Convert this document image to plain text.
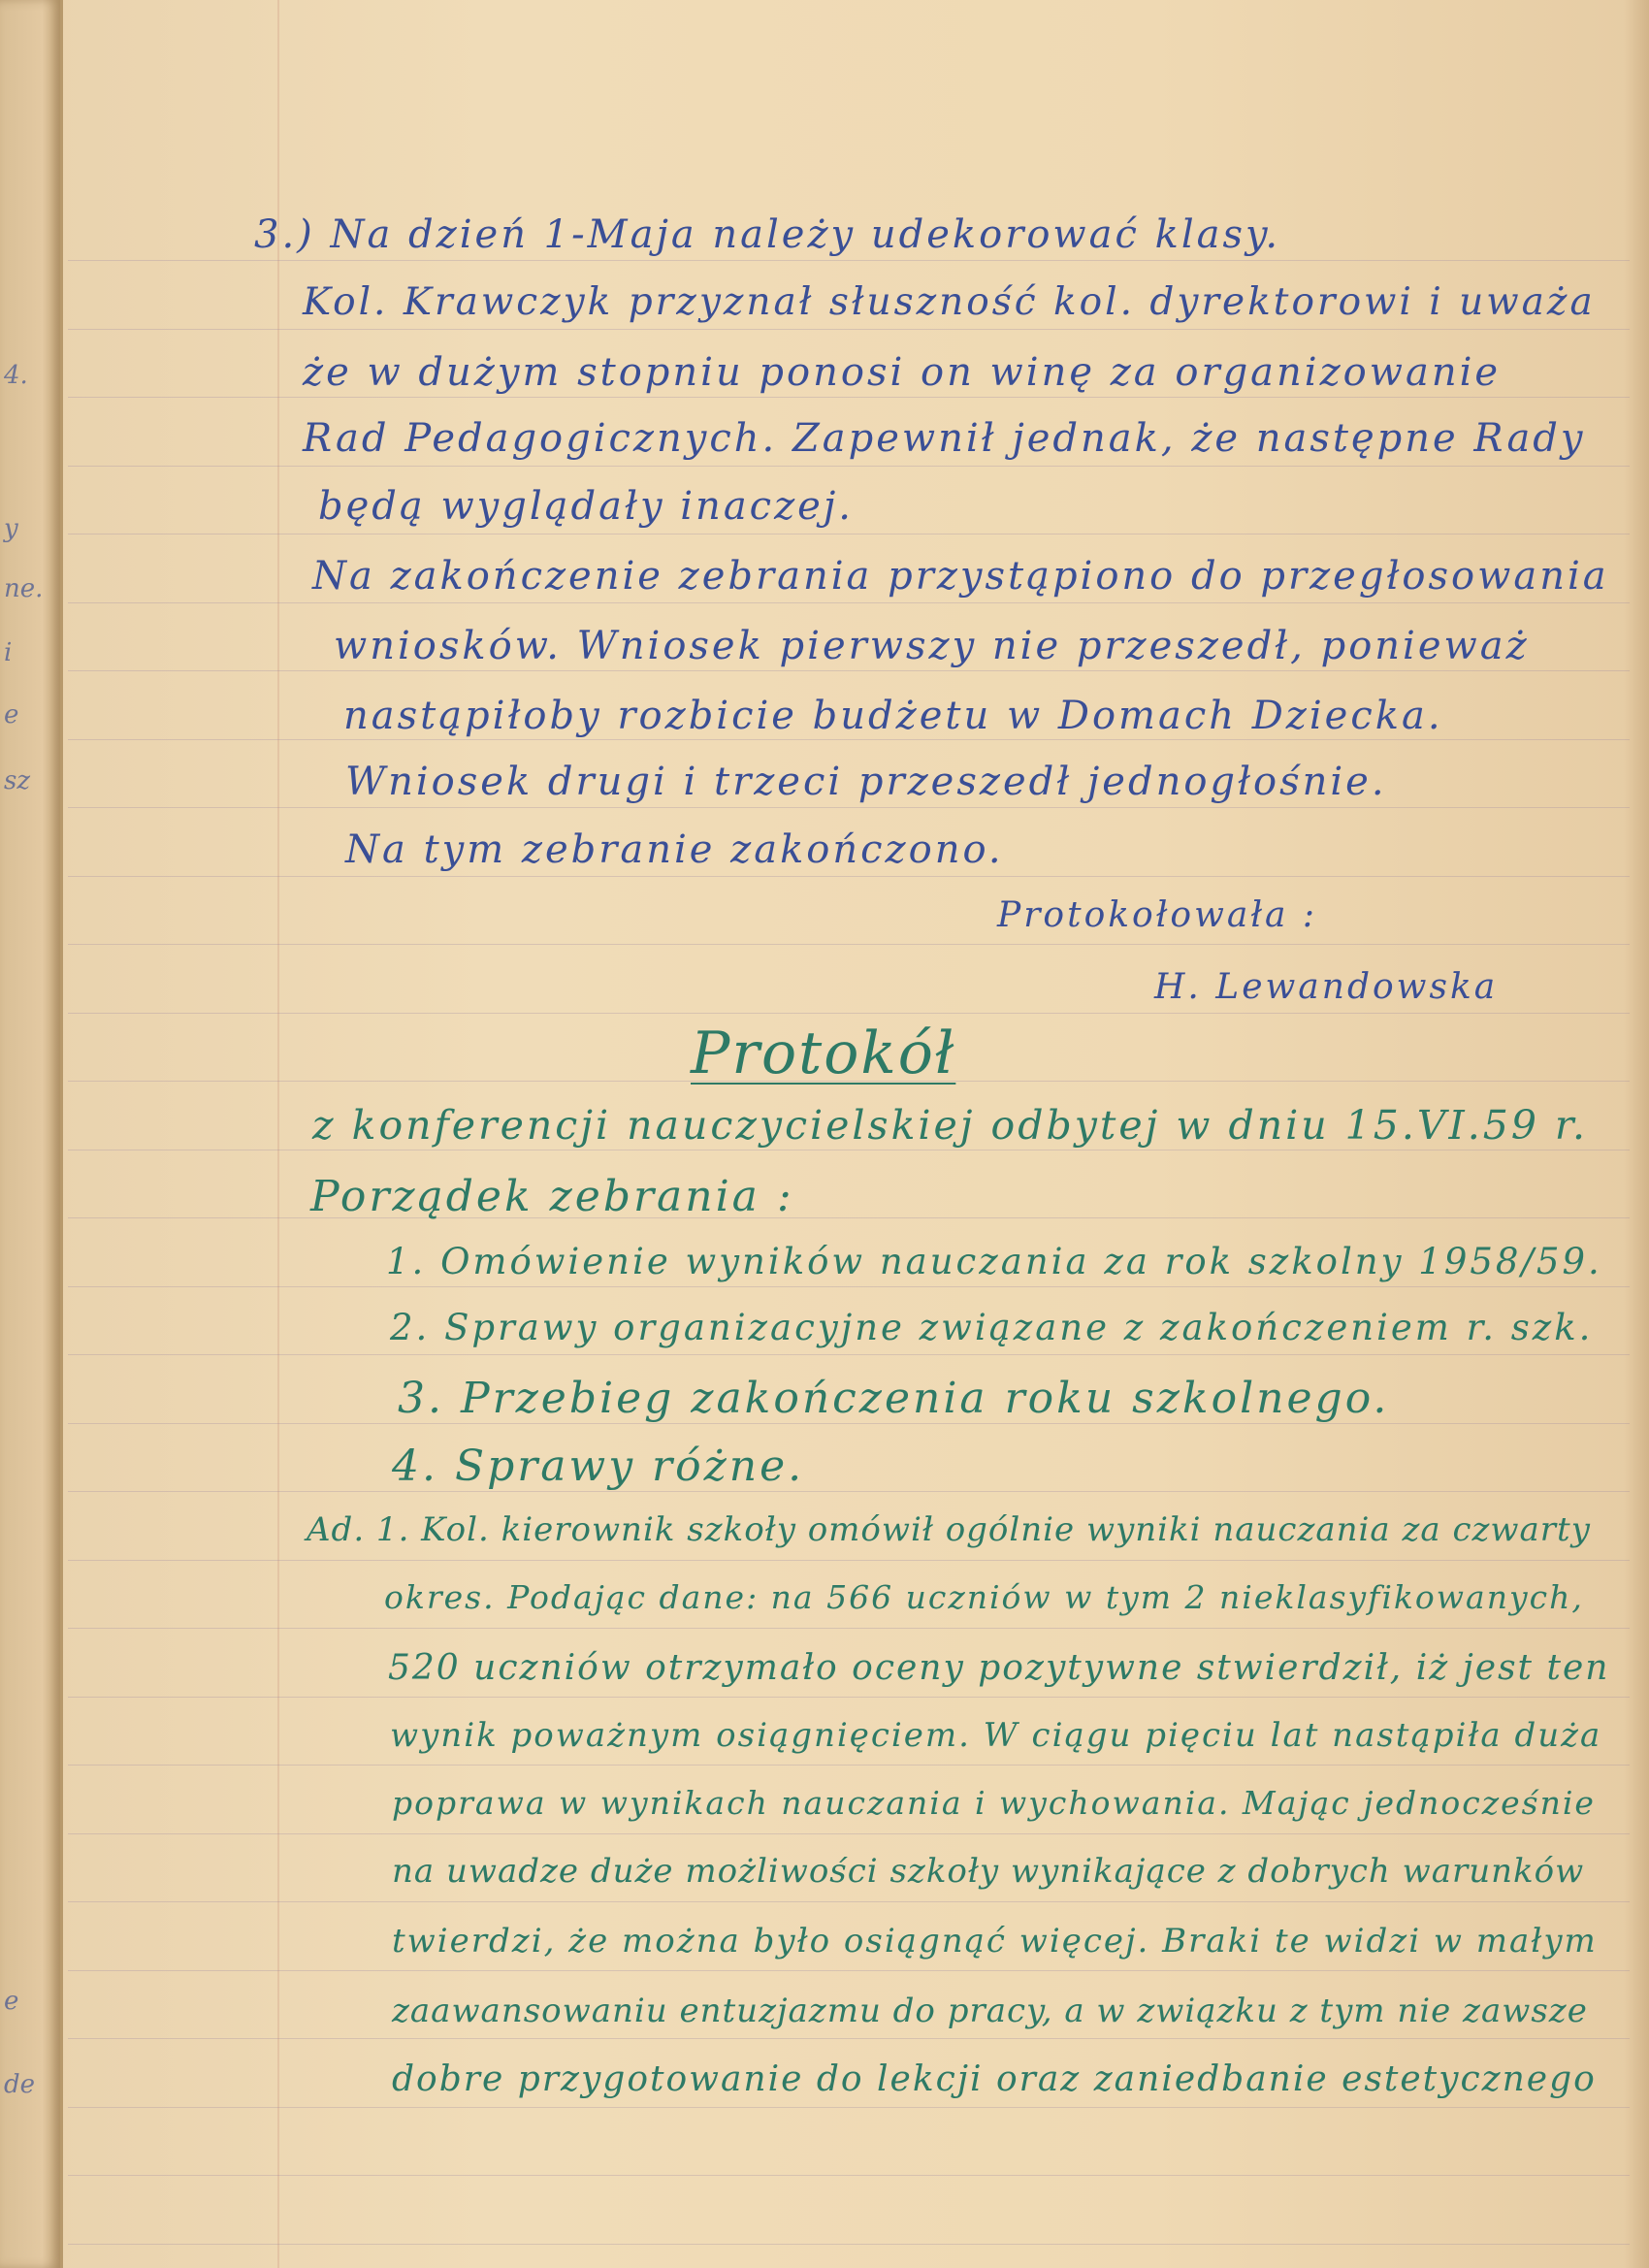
4.
y
ne.
i
e
sz
e
de

3.) Na dzień 1-Maja należy udekorować klasy.

Kol. Krawczyk przyznał słuszność kol. dyrektorowi i uważa

że w dużym stopniu ponosi on winę za organizowanie

Rad Pedagogicznych. Zapewnił jednak, że następne Rady

będą wyglądały inaczej.

Na zakończenie zebrania przystąpiono do przegłosowania

wniosków. Wniosek pierwszy nie przeszedł, ponieważ

nastąpiłoby rozbicie budżetu w Domach Dziecka.

Wniosek drugi i trzeci przeszedł jednogłośnie.

Na tym zebranie zakończono.

Protokołowała :

H. Lewandowska

Protokół

z konferencji nauczycielskiej odbytej w dniu 15.VI.59 r.

Porządek zebrania :

1. Omówienie wyników nauczania za rok szkolny 1958/59.

2. Sprawy organizacyjne związane z zakończeniem r. szk.

3. Przebieg zakończenia roku szkolnego.

4. Sprawy różne.

Ad. 1. Kol. kierownik szkoły omówił ogólnie wyniki nauczania za czwarty

okres. Podając dane: na 566 uczniów w tym 2 nieklasyfikowanych,

520 uczniów otrzymało oceny pozytywne stwierdził, iż jest ten

wynik poważnym osiągnięciem. W ciągu pięciu lat nastąpiła duża

poprawa w wynikach nauczania i wychowania. Mając jednocześnie

na uwadze duże możliwości szkoły wynikające z dobrych warunków

twierdzi, że można było osiągnąć więcej. Braki te widzi w małym

zaawansowaniu entuzjazmu do pracy, a w związku z tym nie zawsze

dobre przygotowanie do lekcji oraz zaniedbanie estetycznego
